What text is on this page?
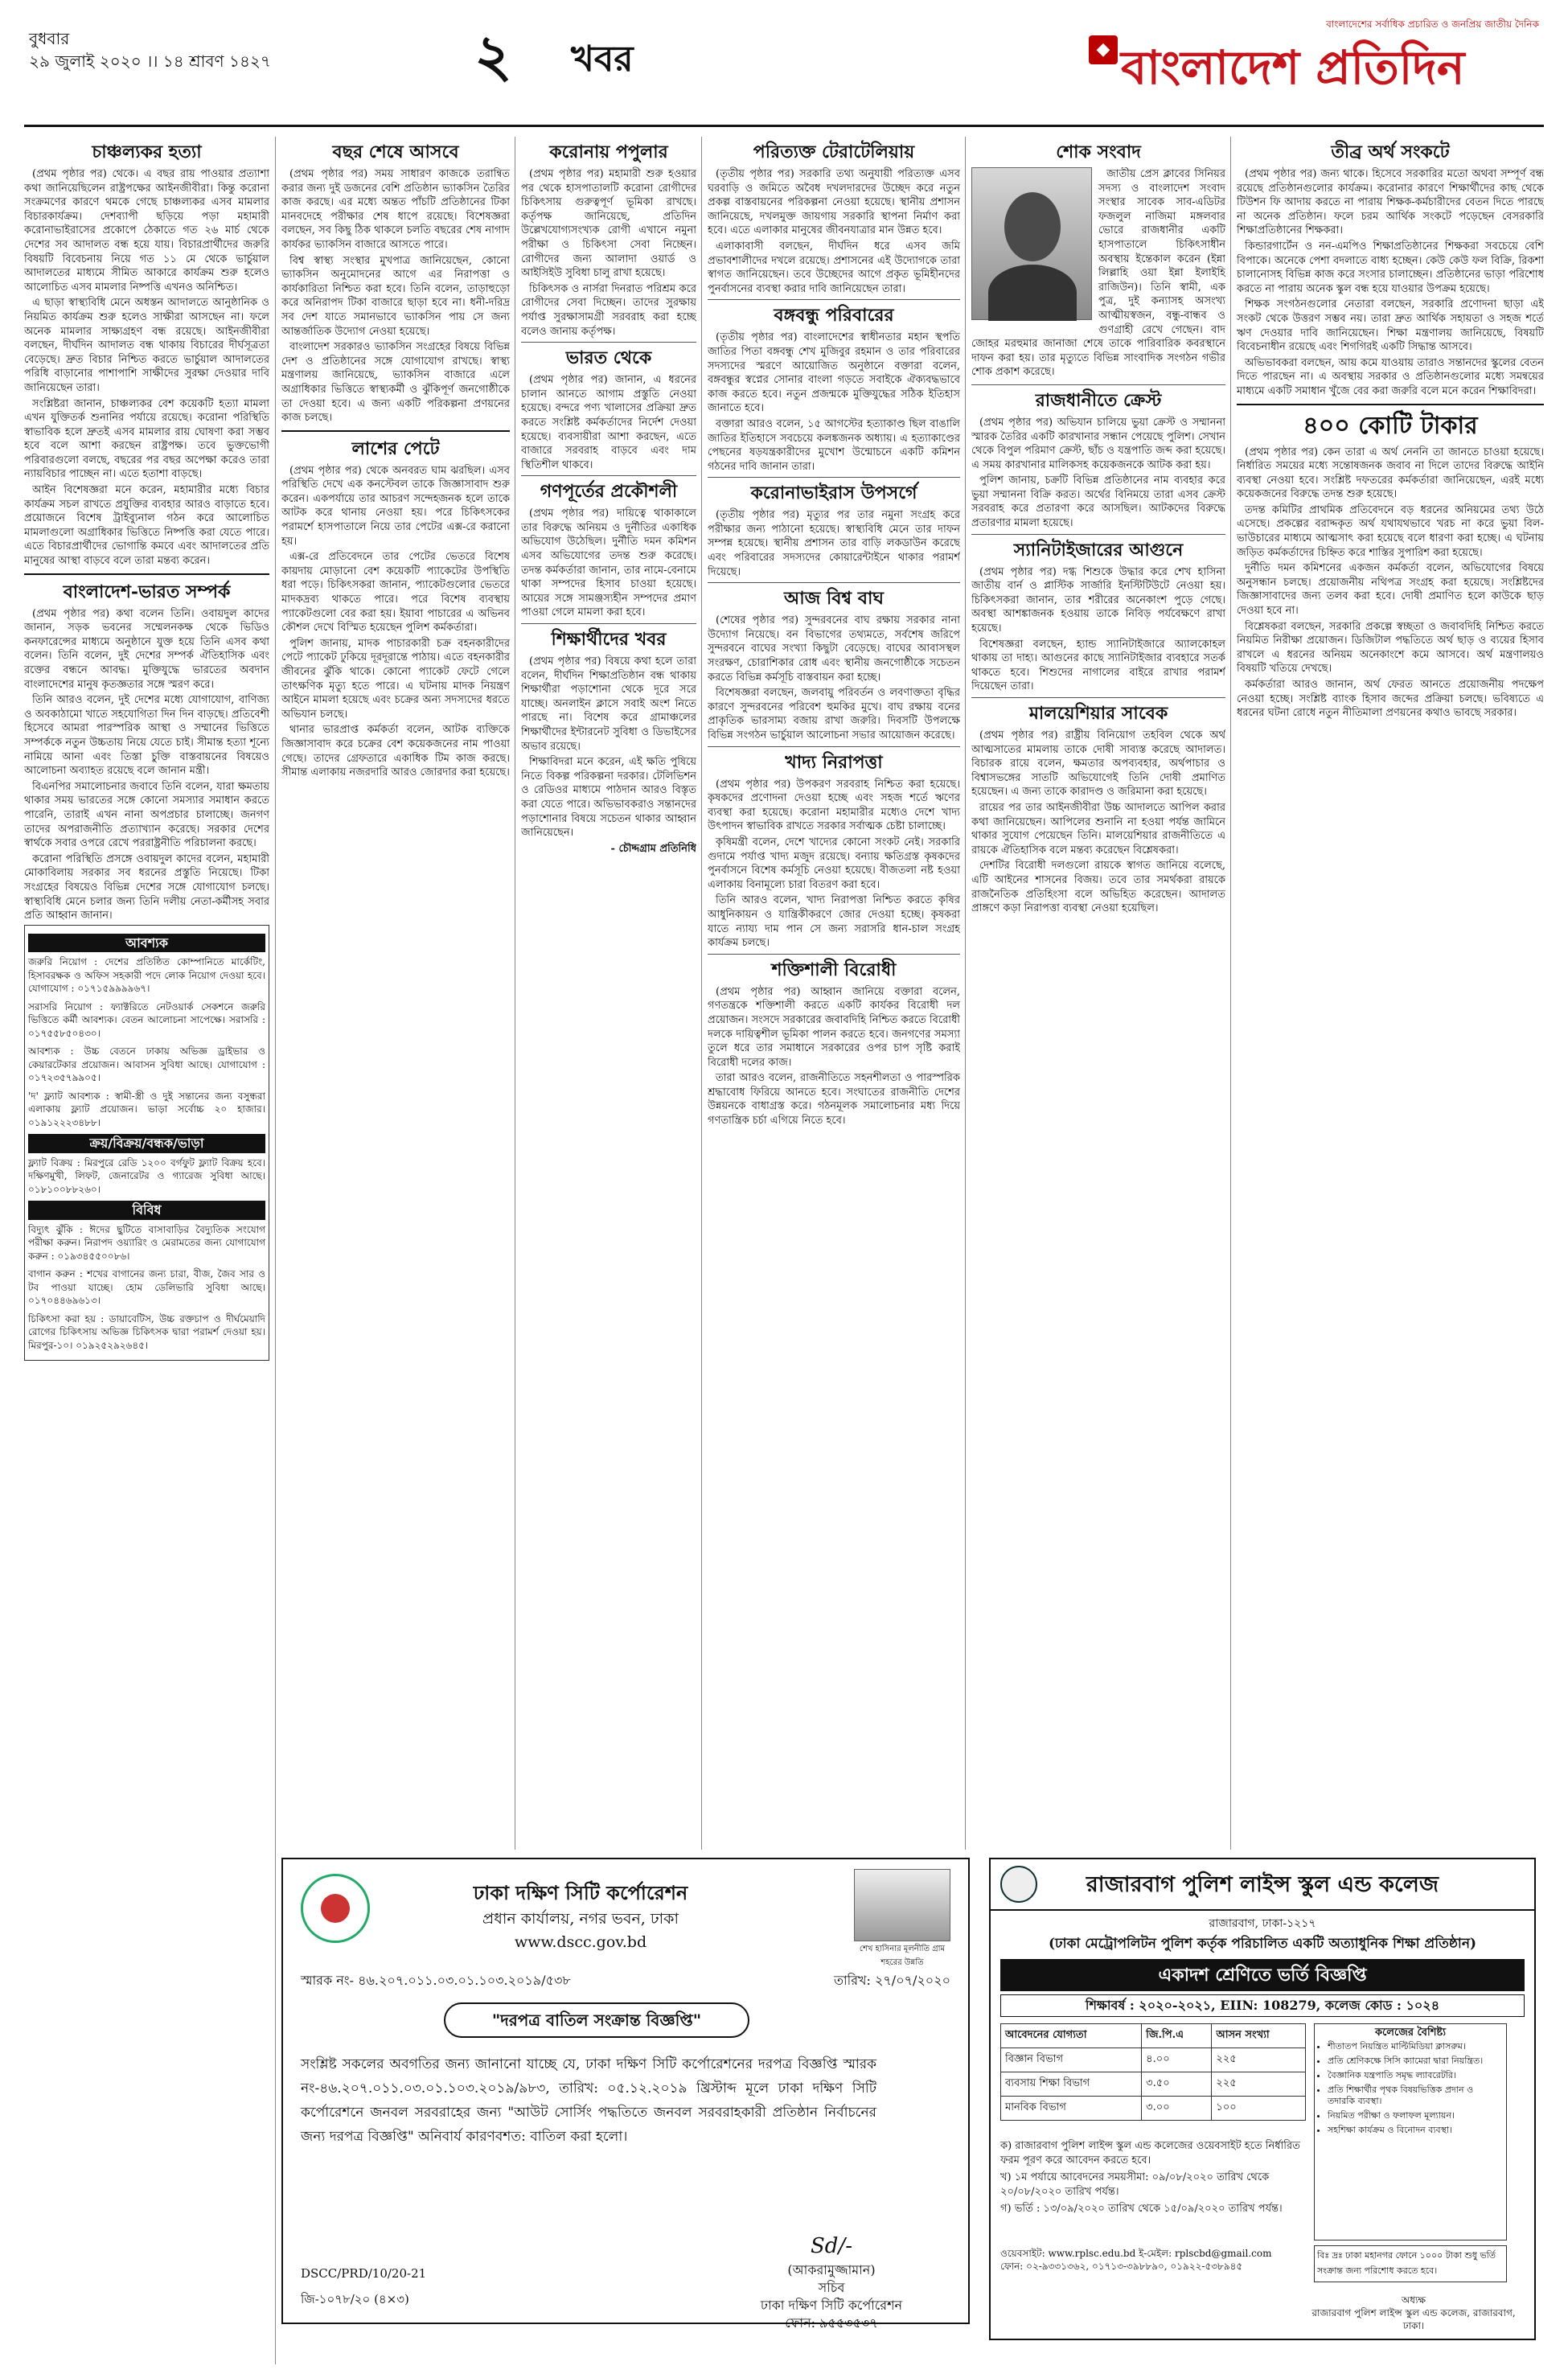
বুধবার
২৯ জুলাই ২০২০ ।। ১৪ শ্রাবণ ১৪২৭	২ খবর
বাংলাদেশের সর্বাধিক প্রচারিত ও জনপ্রিয় জাতীয় দৈনিক
◆ বাংলাদেশ প্রতিদিন
চাঞ্চল্যকর হত্যা

(প্রথম পৃষ্ঠার পর) থেকে। এ বছর রায় পাওয়ার প্রত্যাশা কথা জানিয়েছিলেন রাষ্ট্রপক্ষের আইনজীবীরা। কিন্তু করোনা সংক্রমণের কারণে থমকে গেছে চাঞ্চল্যকর এসব মামলার বিচারকার্যক্রম। দেশব্যাপী ছড়িয়ে পড়া মহামারী করোনাভাইরাসের প্রকোপে ঠেকাতে গত ২৬ মার্চ থেকে দেশের সব আদালত বন্ধ হয়ে যায়। বিচারপ্রার্থীদের জরুরি বিষয়টি বিবেচনায় নিয়ে গত ১১ মে থেকে ভার্চুয়াল আদালতের মাধ্যমে সীমিত আকারে কার্যক্রম শুরু হলেও আলোচিত এসব মামলার নিষ্পত্তি এখনও অনিশ্চিত।

এ ছাড়া স্বাস্থ্যবিধি মেনে অধস্তন আদালতে আনুষ্ঠানিক ও নিয়মিত কার্যক্রম শুরু হলেও সাক্ষীরা আসছেন না। ফলে অনেক মামলার সাক্ষ্যগ্রহণ বন্ধ রয়েছে। আইনজীবীরা বলছেন, দীর্ঘদিন আদালত বন্ধ থাকায় বিচারের দীর্ঘসূত্রতা বেড়েছে। দ্রুত বিচার নিশ্চিত করতে ভার্চুয়াল আদালতের পরিধি বাড়ানোর পাশাপাশি সাক্ষীদের সুরক্ষা দেওয়ার দাবি জানিয়েছেন তারা।

সংশ্লিষ্টরা জানান, চাঞ্চল্যকর বেশ কয়েকটি হত্যা মামলা এখন যুক্তিতর্ক শুনানির পর্যায়ে রয়েছে। করোনা পরিস্থিতি স্বাভাবিক হলে দ্রুতই এসব মামলার রায় ঘোষণা করা সম্ভব হবে বলে আশা করছেন রাষ্ট্রপক্ষ। তবে ভুক্তভোগী পরিবারগুলো বলছে, বছরের পর বছর অপেক্ষা করেও তারা ন্যায়বিচার পাচ্ছেন না। এতে হতাশা বাড়ছে।

আইন বিশেষজ্ঞরা মনে করেন, মহামারীর মধ্যে বিচার কার্যক্রম সচল রাখতে প্রযুক্তির ব্যবহার আরও বাড়াতে হবে। প্রয়োজনে বিশেষ ট্রাইব্যুনাল গঠন করে আলোচিত মামলাগুলো অগ্রাধিকার ভিত্তিতে নিষ্পত্তি করা যেতে পারে। এতে বিচারপ্রার্থীদের ভোগান্তি কমবে এবং আদালতের প্রতি মানুষের আস্থা বাড়বে বলে তারা মন্তব্য করেন।

বাংলাদেশ-ভারত সম্পর্ক

(প্রথম পৃষ্ঠার পর) কথা বলেন তিনি। ওবায়দুল কাদের জানান, সড়ক ভবনের সম্মেলনকক্ষ থেকে ভিডিও কনফারেন্সের মাধ্যমে অনুষ্ঠানে যুক্ত হয়ে তিনি এসব কথা বলেন। তিনি বলেন, দুই দেশের সম্পর্ক ঐতিহাসিক এবং রক্তের বন্ধনে আবদ্ধ। মুক্তিযুদ্ধে ভারতের অবদান বাংলাদেশের মানুষ কৃতজ্ঞতার সঙ্গে স্মরণ করে।

তিনি আরও বলেন, দুই দেশের মধ্যে যোগাযোগ, বাণিজ্য ও অবকাঠামো খাতে সহযোগিতা দিন দিন বাড়ছে। প্রতিবেশী হিসেবে আমরা পারস্পরিক আস্থা ও সম্মানের ভিত্তিতে সম্পর্ককে নতুন উচ্চতায় নিয়ে যেতে চাই। সীমান্ত হত্যা শূন্যে নামিয়ে আনা এবং তিস্তা চুক্তি বাস্তবায়নের বিষয়েও আলোচনা অব্যাহত রয়েছে বলে জানান মন্ত্রী।

বিএনপির সমালোচনার জবাবে তিনি বলেন, যারা ক্ষমতায় থাকার সময় ভারতের সঙ্গে কোনো সমস্যার সমাধান করতে পারেনি, তারাই এখন নানা অপপ্রচার চালাচ্ছে। জনগণ তাদের অপরাজনীতি প্রত্যাখ্যান করেছে। সরকার দেশের স্বার্থকে সবার ওপরে রেখে পররাষ্ট্রনীতি পরিচালনা করছে।

করোনা পরিস্থিতি প্রসঙ্গে ওবায়দুল কাদের বলেন, মহামারী মোকাবিলায় সরকার সব ধরনের প্রস্তুতি নিয়েছে। টিকা সংগ্রহের বিষয়েও বিভিন্ন দেশের সঙ্গে যোগাযোগ চলছে। স্বাস্থ্যবিধি মেনে চলার জন্য তিনি দলীয় নেতা-কর্মীসহ সবার প্রতি আহ্বান জানান।

আবশ্যক
জরুরি নিয়োগ : দেশের প্রতিষ্ঠিত কোম্পানিতে মার্কেটিং, হিসাবরক্ষক ও অফিস সহকারী পদে লোক নিয়োগ দেওয়া হবে। যোগাযোগ : ০১৭১৫৯৯৯৯৬৭।
সরাসরি নিয়োগ : ফ্যাক্টরিতে নেটওয়ার্ক সেকশনে জরুরি ভিত্তিতে কর্মী আবশ্যক। বেতন আলোচনা সাপেক্ষে। সরাসরি : ০১৭৫৫৮৫০৪৩০।
আবশ্যক : উচ্চ বেতনে ঢাকায় অভিজ্ঞ ড্রাইভার ও কেয়ারটেকার প্রয়োজন। আবাসন সুবিধা আছে। যোগাযোগ : ০১৭২৩৫৭৯৯০৫।
'দ' ফ্ল্যাট আবশ্যক : স্বামী-স্ত্রী ও দুই সন্তানের জন্য বসুন্ধরা এলাকায় ফ্ল্যাট প্রয়োজন। ভাড়া সর্বোচ্চ ২০ হাজার। ০১৯১২২২৩৪৮৮।
ক্রয়/বিক্রয়/বন্ধক/ভাড়া
ফ্ল্যাট বিক্রয় : মিরপুরে রেডি ১২০০ বর্গফুট ফ্ল্যাট বিক্রয় হবে। দক্ষিণমুখী, লিফট, জেনারেটর ও গ্যারেজ সুবিধা আছে। ০১৮১০০৮৮২৬০।
বিবিধ
বিদ্যুৎ ঝুঁকি : ঈদের ছুটিতে বাসাবাড়ির বৈদ্যুতিক সংযোগ পরীক্ষা করুন। নিরাপদ ওয়্যারিং ও মেরামতের জন্য যোগাযোগ করুন : ০১৯৩৪৫৫০০৮৬।
বাগান করুন : শখের বাগানের জন্য চারা, বীজ, জৈব সার ও টব পাওয়া যাচ্ছে। হোম ডেলিভারি সুবিধা আছে। ০১৭০৪৪৬৯৬১৩।
চিকিৎসা করা হয় : ডায়াবেটিস, উচ্চ রক্তচাপ ও দীর্ঘমেয়াদি রোগের চিকিৎসায় অভিজ্ঞ চিকিৎসক দ্বারা পরামর্শ দেওয়া হয়। মিরপুর-১০। ০১৯২৫২৯২৬৪৫।
বছর শেষে আসবে

(প্রথম পৃষ্ঠার পর) সময় সাধারণ কাজকে তরান্বিত করার জন্য দুই ডজনের বেশি প্রতিষ্ঠান ভ্যাকসিন তৈরির কাজ করছে। এর মধ্যে অন্তত পাঁচটি প্রতিষ্ঠানের টিকা মানবদেহে পরীক্ষার শেষ ধাপে রয়েছে। বিশেষজ্ঞরা বলছেন, সব কিছু ঠিক থাকলে চলতি বছরের শেষ নাগাদ কার্যকর ভ্যাকসিন বাজারে আসতে পারে।

বিশ্ব স্বাস্থ্য সংস্থার মুখপাত্র জানিয়েছেন, কোনো ভ্যাকসিন অনুমোদনের আগে এর নিরাপত্তা ও কার্যকারিতা নিশ্চিত করা হবে। তিনি বলেন, তাড়াহুড়ো করে অনিরাপদ টিকা বাজারে ছাড়া হবে না। ধনী-দরিদ্র সব দেশ যাতে সমানভাবে ভ্যাকসিন পায় সে জন্য আন্তর্জাতিক উদ্যোগ নেওয়া হয়েছে।

বাংলাদেশ সরকারও ভ্যাকসিন সংগ্রহের বিষয়ে বিভিন্ন দেশ ও প্রতিষ্ঠানের সঙ্গে যোগাযোগ রাখছে। স্বাস্থ্য মন্ত্রণালয় জানিয়েছে, ভ্যাকসিন বাজারে এলে অগ্রাধিকার ভিত্তিতে স্বাস্থ্যকর্মী ও ঝুঁকিপূর্ণ জনগোষ্ঠীকে তা দেওয়া হবে। এ জন্য একটি পরিকল্পনা প্রণয়নের কাজ চলছে।

লাশের পেটে

(প্রথম পৃষ্ঠার পর) থেকে অনবরত ঘাম ঝরছিল। এসব পরিস্থিতি দেখে এক কনস্টেবল তাকে জিজ্ঞাসাবাদ শুরু করেন। একপর্যায়ে তার আচরণ সন্দেহজনক হলে তাকে আটক করে থানায় নেওয়া হয়। পরে চিকিৎসকের পরামর্শে হাসপাতালে নিয়ে তার পেটের এক্স-রে করানো হয়।

এক্স-রে প্রতিবেদনে তার পেটের ভেতরে বিশেষ কায়দায় মোড়ানো বেশ কয়েকটি প্যাকেটের উপস্থিতি ধরা পড়ে। চিকিৎসকরা জানান, প্যাকেটগুলোর ভেতরে মাদকদ্রব্য থাকতে পারে। পরে বিশেষ ব্যবস্থায় প্যাকেটগুলো বের করা হয়। ইয়াবা পাচারের এ অভিনব কৌশল দেখে বিস্মিত হয়েছেন পুলিশ কর্মকর্তারা।

পুলিশ জানায়, মাদক পাচারকারী চক্র বহনকারীদের পেটে প্যাকেট ঢুকিয়ে দূরদূরান্তে পাঠায়। এতে বহনকারীর জীবনের ঝুঁকি থাকে। কোনো প্যাকেট ফেটে গেলে তাৎক্ষণিক মৃত্যু হতে পারে। এ ঘটনায় মাদক নিয়ন্ত্রণ আইনে মামলা হয়েছে এবং চক্রের অন্য সদস্যদের ধরতে অভিযান চলছে।

থানার ভারপ্রাপ্ত কর্মকর্তা বলেন, আটক ব্যক্তিকে জিজ্ঞাসাবাদ করে চক্রের বেশ কয়েকজনের নাম পাওয়া গেছে। তাদের গ্রেফতারে একাধিক টিম কাজ করছে। সীমান্ত এলাকায় নজরদারি আরও জোরদার করা হয়েছে।

করোনায় পপুলার

(প্রথম পৃষ্ঠার পর) মহামারী শুরু হওয়ার পর থেকে হাসপাতালটি করোনা রোগীদের চিকিৎসায় গুরুত্বপূর্ণ ভূমিকা রাখছে। কর্তৃপক্ষ জানিয়েছে, প্রতিদিন উল্লেখযোগ্যসংখ্যক রোগী এখানে নমুনা পরীক্ষা ও চিকিৎসা সেবা নিচ্ছেন। রোগীদের জন্য আলাদা ওয়ার্ড ও আইসিইউ সুবিধা চালু রাখা হয়েছে।

চিকিৎসক ও নার্সরা দিনরাত পরিশ্রম করে রোগীদের সেবা দিচ্ছেন। তাদের সুরক্ষায় পর্যাপ্ত সুরক্ষাসামগ্রী সরবরাহ করা হচ্ছে বলেও জানায় কর্তৃপক্ষ।

ভারত থেকে

(প্রথম পৃষ্ঠার পর) জানান, এ ধরনের চালান আনতে আগাম প্রস্তুতি নেওয়া হয়েছে। বন্দরে পণ্য খালাসের প্রক্রিয়া দ্রুত করতে সংশ্লিষ্ট কর্মকর্তাদের নির্দেশ দেওয়া হয়েছে। ব্যবসায়ীরা আশা করছেন, এতে বাজারে সরবরাহ বাড়বে এবং দাম স্থিতিশীল থাকবে।

গণপূর্তের প্রকৌশলী

(প্রথম পৃষ্ঠার পর) দায়িত্বে থাকাকালে তার বিরুদ্ধে অনিয়ম ও দুর্নীতির একাধিক অভিযোগ উঠেছিল। দুর্নীতি দমন কমিশন এসব অভিযোগের তদন্ত শুরু করেছে। তদন্ত কর্মকর্তারা জানান, তার নামে-বেনামে থাকা সম্পদের হিসাব চাওয়া হয়েছে। আয়ের সঙ্গে সামঞ্জস্যহীন সম্পদের প্রমাণ পাওয়া গেলে মামলা করা হবে।

শিক্ষার্থীদের খবর

(প্রথম পৃষ্ঠার পর) বিষয়ে কথা হলে তারা বলেন, দীর্ঘদিন শিক্ষাপ্রতিষ্ঠান বন্ধ থাকায় শিক্ষার্থীরা পড়াশোনা থেকে দূরে সরে যাচ্ছে। অনলাইন ক্লাসে সবাই অংশ নিতে পারছে না। বিশেষ করে গ্রামাঞ্চলের শিক্ষার্থীদের ইন্টারনেট সুবিধা ও ডিভাইসের অভাব রয়েছে।

শিক্ষাবিদরা মনে করেন, এই ক্ষতি পুষিয়ে নিতে বিকল্প পরিকল্পনা দরকার। টেলিভিশন ও রেডিওর মাধ্যমে পাঠদান আরও বিস্তৃত করা যেতে পারে। অভিভাবকরাও সন্তানদের পড়াশোনার বিষয়ে সচেতন থাকার আহ্বান জানিয়েছেন।

- চৌদ্দগ্রাম প্রতিনিধি

পরিত্যক্ত টেরাটেলিয়ায়

(তৃতীয় পৃষ্ঠার পর) সরকারি তথ্য অনুযায়ী পরিত্যক্ত এসব ঘরবাড়ি ও জমিতে অবৈধ দখলদারদের উচ্ছেদ করে নতুন প্রকল্প বাস্তবায়নের পরিকল্পনা নেওয়া হয়েছে। স্থানীয় প্রশাসন জানিয়েছে, দখলমুক্ত জায়গায় সরকারি স্থাপনা নির্মাণ করা হবে। এতে এলাকার মানুষের জীবনযাত্রার মান উন্নত হবে।

এলাকাবাসী বলছেন, দীর্ঘদিন ধরে এসব জমি প্রভাবশালীদের দখলে রয়েছে। প্রশাসনের এই উদ্যোগকে তারা স্বাগত জানিয়েছেন। তবে উচ্ছেদের আগে প্রকৃত ভূমিহীনদের পুনর্বাসনের ব্যবস্থা করার দাবি জানিয়েছেন তারা।

বঙ্গবন্ধু পরিবারের

(তৃতীয় পৃষ্ঠার পর) বাংলাদেশের স্বাধীনতার মহান স্থপতি জাতির পিতা বঙ্গবন্ধু শেখ মুজিবুর রহমান ও তার পরিবারের সদস্যদের স্মরণে আয়োজিত অনুষ্ঠানে বক্তারা বলেন, বঙ্গবন্ধুর স্বপ্নের সোনার বাংলা গড়তে সবাইকে ঐক্যবদ্ধভাবে কাজ করতে হবে। নতুন প্রজন্মকে মুক্তিযুদ্ধের সঠিক ইতিহাস জানাতে হবে।

বক্তারা আরও বলেন, ১৫ আগস্টের হত্যাকাণ্ড ছিল বাঙালি জাতির ইতিহাসে সবচেয়ে কলঙ্কজনক অধ্যায়। এ হত্যাকাণ্ডের পেছনের ষড়যন্ত্রকারীদের মুখোশ উন্মোচনে একটি কমিশন গঠনের দাবি জানান তারা।

করোনাভাইরাস উপসর্গে

(তৃতীয় পৃষ্ঠার পর) মৃত্যুর পর তার নমুনা সংগ্রহ করে পরীক্ষার জন্য পাঠানো হয়েছে। স্বাস্থ্যবিধি মেনে তার দাফন সম্পন্ন হয়েছে। স্থানীয় প্রশাসন তার বাড়ি লকডাউন করেছে এবং পরিবারের সদস্যদের কোয়ারেন্টাইনে থাকার পরামর্শ দিয়েছে।

আজ বিশ্ব বাঘ

(শেষের পৃষ্ঠার পর) সুন্দরবনের বাঘ রক্ষায় সরকার নানা উদ্যোগ নিয়েছে। বন বিভাগের তথ্যমতে, সর্বশেষ জরিপে সুন্দরবনে বাঘের সংখ্যা কিছুটা বেড়েছে। বাঘের আবাসস্থল সংরক্ষণ, চোরাশিকার রোধ এবং স্থানীয় জনগোষ্ঠীকে সচেতন করতে বিভিন্ন কর্মসূচি বাস্তবায়ন করা হচ্ছে।

বিশেষজ্ঞরা বলছেন, জলবায়ু পরিবর্তন ও লবণাক্ততা বৃদ্ধির কারণে সুন্দরবনের পরিবেশ হুমকির মুখে। বাঘ রক্ষায় বনের প্রাকৃতিক ভারসাম্য বজায় রাখা জরুরি। দিবসটি উপলক্ষে বিভিন্ন সংগঠন ভার্চুয়াল আলোচনা সভার আয়োজন করেছে।

খাদ্য নিরাপত্তা

(প্রথম পৃষ্ঠার পর) উপকরণ সরবরাহ নিশ্চিত করা হয়েছে। কৃষকদের প্রণোদনা দেওয়া হচ্ছে এবং সহজ শর্তে ঋণের ব্যবস্থা করা হয়েছে। করোনা মহামারীর মধ্যেও দেশে খাদ্য উৎপাদন স্বাভাবিক রাখতে সরকার সর্বাত্মক চেষ্টা চালাচ্ছে।

কৃষিমন্ত্রী বলেন, দেশে খাদ্যের কোনো সংকট নেই। সরকারি গুদামে পর্যাপ্ত খাদ্য মজুদ রয়েছে। বন্যায় ক্ষতিগ্রস্ত কৃষকদের পুনর্বাসনে বিশেষ কর্মসূচি নেওয়া হয়েছে। বীজতলা নষ্ট হওয়া এলাকায় বিনামূল্যে চারা বিতরণ করা হবে।

তিনি আরও বলেন, খাদ্য নিরাপত্তা নিশ্চিত করতে কৃষির আধুনিকায়ন ও যান্ত্রিকীকরণে জোর দেওয়া হচ্ছে। কৃষকরা যাতে ন্যায্য দাম পান সে জন্য সরাসরি ধান-চাল সংগ্রহ কার্যক্রম চলছে।

শক্তিশালী বিরোধী

(প্রথম পৃষ্ঠার পর) আহ্বান জানিয়ে বক্তারা বলেন, গণতন্ত্রকে শক্তিশালী করতে একটি কার্যকর বিরোধী দল প্রয়োজন। সংসদে সরকারের জবাবদিহি নিশ্চিত করতে বিরোধী দলকে দায়িত্বশীল ভূমিকা পালন করতে হবে। জনগণের সমস্যা তুলে ধরে তার সমাধানে সরকারের ওপর চাপ সৃষ্টি করাই বিরোধী দলের কাজ।

তারা আরও বলেন, রাজনীতিতে সহনশীলতা ও পারস্পরিক শ্রদ্ধাবোধ ফিরিয়ে আনতে হবে। সংঘাতের রাজনীতি দেশের উন্নয়নকে বাধাগ্রস্ত করে। গঠনমূলক সমালোচনার মধ্য দিয়ে গণতান্ত্রিক চর্চা এগিয়ে নিতে হবে।

শোক সংবাদ

জাতীয় প্রেস ক্লাবের সিনিয়র সদস্য ও বাংলাদেশ সংবাদ সংস্থার সাবেক সাব-এডিটর ফজলুল নাজিমা মঙ্গলবার ভোরে রাজধানীর একটি হাসপাতালে চিকিৎসাধীন অবস্থায় ইন্তেকাল করেন (ইন্না লিল্লাহি ওয়া ইন্না ইলাইহি রাজিউন)। তিনি স্বামী, এক পুত্র, দুই কন্যাসহ অসংখ্য আত্মীয়স্বজন, বন্ধু-বান্ধব ও গুণগ্রাহী রেখে গেছেন। বাদ জোহর মরহুমার জানাজা শেষে তাকে পারিবারিক কবরস্থানে দাফন করা হয়। তার মৃত্যুতে বিভিন্ন সাংবাদিক সংগঠন গভীর শোক প্রকাশ করেছে।

রাজধানীতে ক্রেস্ট

(প্রথম পৃষ্ঠার পর) অভিযান চালিয়ে ভুয়া ক্রেস্ট ও সম্মাননা স্মারক তৈরির একটি কারখানার সন্ধান পেয়েছে পুলিশ। সেখান থেকে বিপুল পরিমাণ ক্রেস্ট, ছাঁচ ও যন্ত্রপাতি জব্দ করা হয়েছে। এ সময় কারখানার মালিকসহ কয়েকজনকে আটক করা হয়।

পুলিশ জানায়, চক্রটি বিভিন্ন প্রতিষ্ঠানের নাম ব্যবহার করে ভুয়া সম্মাননা বিক্রি করত। অর্থের বিনিময়ে তারা এসব ক্রেস্ট সরবরাহ করে প্রতারণা করে আসছিল। আটকদের বিরুদ্ধে প্রতারণার মামলা হয়েছে।

স্যানিটাইজারের আগুনে

(প্রথম পৃষ্ঠার পর) দগ্ধ শিশুকে উদ্ধার করে শেখ হাসিনা জাতীয় বার্ন ও প্লাস্টিক সার্জারি ইনস্টিটিউটে নেওয়া হয়। চিকিৎসকরা জানান, তার শরীরের অনেকাংশ পুড়ে গেছে। অবস্থা আশঙ্কাজনক হওয়ায় তাকে নিবিড় পর্যবেক্ষণে রাখা হয়েছে।

বিশেষজ্ঞরা বলছেন, হ্যান্ড স্যানিটাইজারে অ্যালকোহল থাকায় তা দাহ্য। আগুনের কাছে স্যানিটাইজার ব্যবহারে সতর্ক থাকতে হবে। শিশুদের নাগালের বাইরে রাখার পরামর্শ দিয়েছেন তারা।

মালয়েশিয়ার সাবেক

(প্রথম পৃষ্ঠার পর) রাষ্ট্রীয় বিনিয়োগ তহবিল থেকে অর্থ আত্মসাতের মামলায় তাকে দোষী সাব্যস্ত করেছে আদালত। বিচারক রায়ে বলেন, ক্ষমতার অপব্যবহার, অর্থপাচার ও বিশ্বাসভঙ্গের সাতটি অভিযোগেই তিনি দোষী প্রমাণিত হয়েছেন। এ জন্য তাকে কারাদণ্ড ও জরিমানা করা হয়েছে।

রায়ের পর তার আইনজীবীরা উচ্চ আদালতে আপিল করার কথা জানিয়েছেন। আপিলের শুনানি না হওয়া পর্যন্ত জামিনে থাকার সুযোগ পেয়েছেন তিনি। মালয়েশিয়ার রাজনীতিতে এ রায়কে ঐতিহাসিক বলে মন্তব্য করেছেন বিশ্লেষকরা।

দেশটির বিরোধী দলগুলো রায়কে স্বাগত জানিয়ে বলেছে, এটি আইনের শাসনের বিজয়। তবে তার সমর্থকরা রায়কে রাজনৈতিক প্রতিহিংসা বলে অভিহিত করেছেন। আদালত প্রাঙ্গণে কড়া নিরাপত্তা ব্যবস্থা নেওয়া হয়েছিল।

তীব্র অর্থ সংকটে

(প্রথম পৃষ্ঠার পর) জন্য থাকে। হিসেবে সরকারির মতো অথবা সম্পূর্ণ বন্ধ রয়েছে প্রতিষ্ঠানগুলোর কার্যক্রম। করোনার কারণে শিক্ষার্থীদের কাছ থেকে টিউশন ফি আদায় করতে না পারায় শিক্ষক-কর্মচারীদের বেতন দিতে পারছে না অনেক প্রতিষ্ঠান। ফলে চরম আর্থিক সংকটে পড়েছেন বেসরকারি শিক্ষাপ্রতিষ্ঠানের শিক্ষকরা।

কিন্ডারগার্টেন ও নন-এমপিও শিক্ষাপ্রতিষ্ঠানের শিক্ষকরা সবচেয়ে বেশি বিপাকে। অনেকে পেশা বদলাতে বাধ্য হচ্ছেন। কেউ কেউ ফল বিক্রি, রিকশা চালানোসহ বিভিন্ন কাজ করে সংসার চালাচ্ছেন। প্রতিষ্ঠানের ভাড়া পরিশোধ করতে না পারায় অনেক স্কুল বন্ধ হয়ে যাওয়ার উপক্রম হয়েছে।

শিক্ষক সংগঠনগুলোর নেতারা বলছেন, সরকারি প্রণোদনা ছাড়া এই সংকট থেকে উত্তরণ সম্ভব নয়। তারা দ্রুত আর্থিক সহায়তা ও সহজ শর্তে ঋণ দেওয়ার দাবি জানিয়েছেন। শিক্ষা মন্ত্রণালয় জানিয়েছে, বিষয়টি বিবেচনাধীন রয়েছে এবং শিগগিরই একটি সিদ্ধান্ত আসবে।

অভিভাবকরা বলছেন, আয় কমে যাওয়ায় তারাও সন্তানদের স্কুলের বেতন দিতে পারছেন না। এ অবস্থায় সরকার ও প্রতিষ্ঠানগুলোর মধ্যে সমন্বয়ের মাধ্যমে একটি সমাধান খুঁজে বের করা জরুরি বলে মনে করেন শিক্ষাবিদরা।

৪০০ কোটি টাকার

(প্রথম পৃষ্ঠার পর) কেন তারা এ অর্থ নেননি তা জানতে চাওয়া হয়েছে। নির্ধারিত সময়ের মধ্যে সন্তোষজনক জবাব না দিলে তাদের বিরুদ্ধে আইনি ব্যবস্থা নেওয়া হবে। সংশ্লিষ্ট দফতরের কর্মকর্তারা জানিয়েছেন, এরই মধ্যে কয়েকজনের বিরুদ্ধে তদন্ত শুরু হয়েছে।

তদন্ত কমিটির প্রাথমিক প্রতিবেদনে বড় ধরনের অনিয়মের তথ্য উঠে এসেছে। প্রকল্পের বরাদ্দকৃত অর্থ যথাযথভাবে খরচ না করে ভুয়া বিল-ভাউচারের মাধ্যমে আত্মসাৎ করা হয়েছে বলে ধারণা করা হচ্ছে। এ ঘটনায় জড়িত কর্মকর্তাদের চিহ্নিত করে শাস্তির সুপারিশ করা হয়েছে।

দুর্নীতি দমন কমিশনের একজন কর্মকর্তা বলেন, অভিযোগের বিষয়ে অনুসন্ধান চলছে। প্রয়োজনীয় নথিপত্র সংগ্রহ করা হয়েছে। সংশ্লিষ্টদের জিজ্ঞাসাবাদের জন্য তলব করা হবে। দোষী প্রমাণিত হলে কাউকে ছাড় দেওয়া হবে না।

বিশ্লেষকরা বলছেন, সরকারি প্রকল্পে স্বচ্ছতা ও জবাবদিহি নিশ্চিত করতে নিয়মিত নিরীক্ষা প্রয়োজন। ডিজিটাল পদ্ধতিতে অর্থ ছাড় ও ব্যয়ের হিসাব রাখলে এ ধরনের অনিয়ম অনেকাংশে কমে আসবে। অর্থ মন্ত্রণালয়ও বিষয়টি খতিয়ে দেখছে।

কর্মকর্তারা আরও জানান, অর্থ ফেরত আনতে প্রয়োজনীয় পদক্ষেপ নেওয়া হচ্ছে। সংশ্লিষ্ট ব্যাংক হিসাব জব্দের প্রক্রিয়া চলছে। ভবিষ্যতে এ ধরনের ঘটনা রোধে নতুন নীতিমালা প্রণয়নের কথাও ভাবছে সরকার।

শেখ হাসিনার মূলনীতি গ্রাম শহরের উন্নতি
ঢাকা দক্ষিণ সিটি কর্পোরেশন
প্রধান কার্যালয়, নগর ভবন, ঢাকা
www.dscc.gov.bd
স্মারক নং- ৪৬.২০৭.০১১.০৩.০১.১০৩.২০১৯/৫৩৮	তারিখ: ২৭/০৭/২০২০
"দরপত্র বাতিল সংক্রান্ত বিজ্ঞপ্তি"
সংশ্লিষ্ট সকলের অবগতির জন্য জানানো যাচ্ছে যে, ঢাকা দক্ষিণ সিটি কর্পোরেশনের দরপত্র বিজ্ঞপ্তি স্মারক নং-৪৬.২০৭.০১১.০৩.০১.১০৩.২০১৯/৯৮৩, তারিখ: ০৫.১২.২০১৯ খ্রিস্টাব্দ মূলে ঢাকা দক্ষিণ সিটি কর্পোরেশনে জনবল সরবরাহের জন্য "আউট সোর্সিং পদ্ধতিতে জনবল সরবরাহকারী প্রতিষ্ঠান নির্বাচনের জন্য দরপত্র বিজ্ঞপ্তি" অনিবার্য কারণবশত: বাতিল করা হলো।
Sd/-
(আকরামুজ্জামান)
সচিব
ঢাকা দক্ষিণ সিটি কর্পোরেশন
ফোন: ৯৫৫৩৫৩৭
DSCC/PRD/10/20-21
জি-১০৭৮/২০ (৪×৩)
রাজারবাগ পুলিশ লাইন্স স্কুল এন্ড কলেজ
রাজারবাগ, ঢাকা-১২১৭
(ঢাকা মেট্রোপলিটন পুলিশ কর্তৃক পরিচালিত একটি অত্যাধুনিক শিক্ষা প্রতিষ্ঠান)
একাদশ শ্রেণিতে ভর্তি বিজ্ঞপ্তি
শিক্ষাবর্ষ : ২০২০-২০২১, EIIN: 108279, কলেজ কোড : ১০২৪
আবেদনের যোগ্যতা	জি.পি.এ	আসন সংখ্যা
বিজ্ঞান বিভাগ	৪.০০	২২৫
ব্যবসায় শিক্ষা বিভাগ	৩.৫০	২২৫
মানবিক বিভাগ	৩.০০	১০০
কলেজের বৈশিষ্ট্য
• শীতাতপ নিয়ন্ত্রিত মাল্টিমিডিয়া ক্লাসরুম।
• প্রতি শ্রেণিকক্ষে সিসি ক্যামেরা দ্বারা নিয়ন্ত্রিত।
• বৈজ্ঞানিক যন্ত্রপাতি সমৃদ্ধ ল্যাবরেটরি।
• প্রতি শিক্ষার্থীর পৃথক বিষয়ভিত্তিক প্রদান ও তদারকি ব্যবস্থা।
• নিয়মিত পরীক্ষা ও ফলাফল মূল্যায়ন।
• সহশিক্ষা কার্যক্রম ও বিনোদন ব্যবস্থা।
ক) রাজারবাগ পুলিশ লাইন্স স্কুল এন্ড কলেজের ওয়েবসাইট হতে নির্ধারিত ফরম পূরণ করে আবেদন করতে হবে।
খ) ১ম পর্যায়ে আবেদনের সময়সীমা: ০৯/০৮/২০২০ তারিখ থেকে ২০/০৮/২০২০ তারিখ পর্যন্ত।
গ) ভর্তি : ১৩/০৯/২০২০ তারিখ থেকে ১৫/০৯/২০২০ তারিখ পর্যন্ত।
ওয়েবসাইট: www.rplsc.edu.bd ই-মেইল: rplscbd@gmail.com
ফোন: ০২-৯৩৩১৩৬২, ০১৭১৩-৩৯৮৮৯০, ০১৯২২-৫৩৮৯৪৫
বিঃ দ্রঃ ঢাকা মহানগর ফোনে ১০০০ টাকা শুধু ভর্তি সংক্রান্ত জন্য পরিশোধ করতে হবে।
অধ্যক্ষ
রাজারবাগ পুলিশ লাইন্স স্কুল এন্ড কলেজ, রাজারবাগ, ঢাকা।
